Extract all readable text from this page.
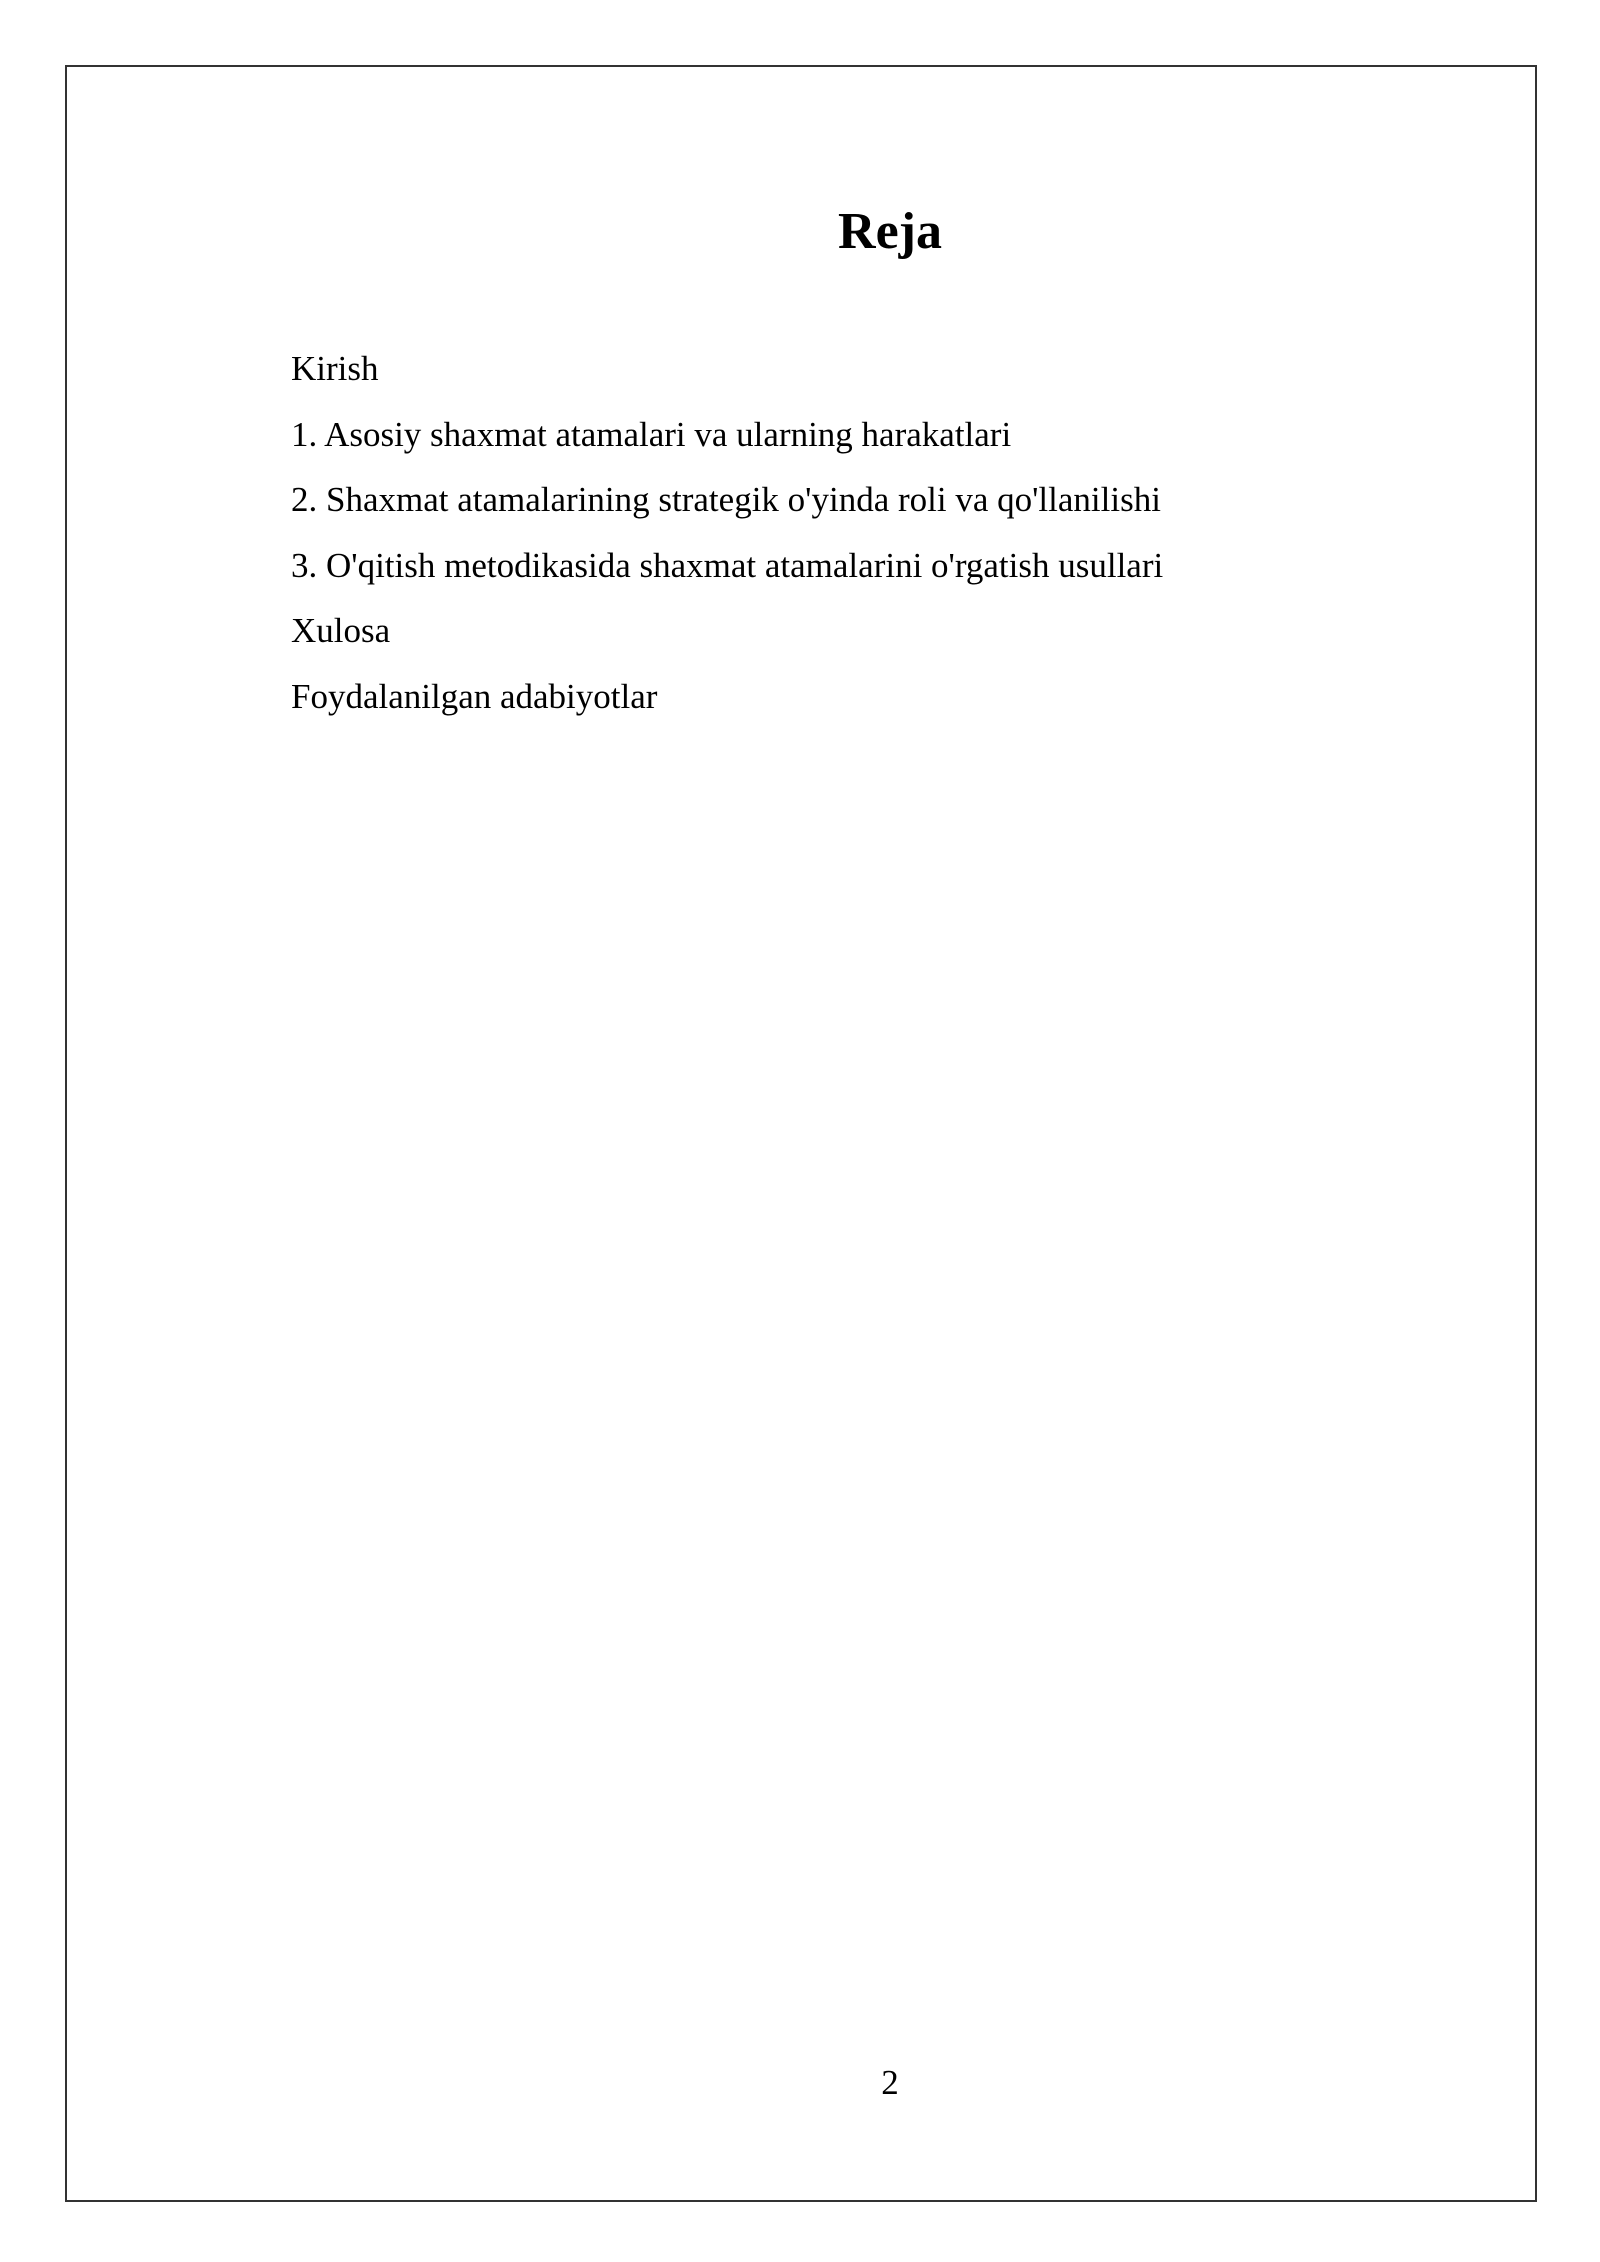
Reja
Kirish
1. Asosiy shaxmat atamalari va ularning harakatlari
2. Shaxmat atamalarining strategik o'yinda roli va qo'llanilishi
3. O'qitish metodikasida shaxmat atamalarini o'rgatish usullari
Xulosa
Foydalanilgan adabiyotlar
2
